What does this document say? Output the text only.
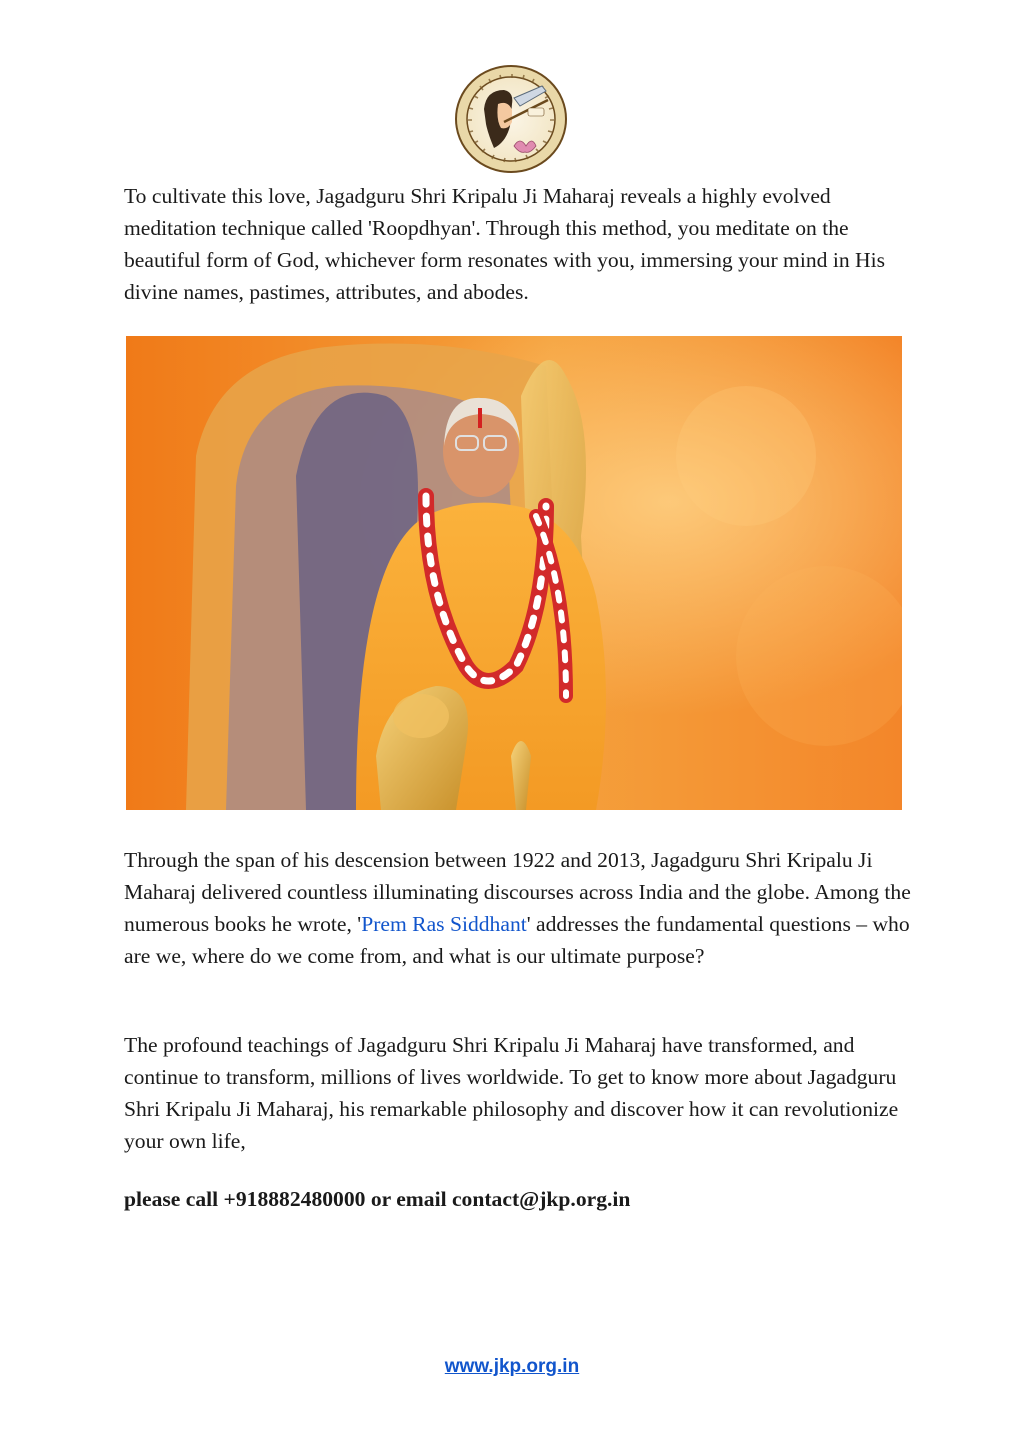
To cultivate this love, Jagadguru Shri Kripalu Ji Maharaj reveals a highly evolved meditation technique called 'Roopdhyan'. Through this method, you meditate on the beautiful form of God, whichever form resonates with you, immersing your mind in His divine names, pastimes, attributes, and abodes.

Through the span of his descension between 1922 and 2013, Jagadguru Shri Kripalu Ji Maharaj delivered countless illuminating discourses across India and the globe. Among the numerous books he wrote, 'Prem Ras Siddhant' addresses the fundamental questions – who are we, where do we come from, and what is our ultimate purpose?

The profound teachings of Jagadguru Shri Kripalu Ji Maharaj have transformed, and continue to transform, millions of lives worldwide. To get to know more about Jagadguru Shri Kripalu Ji Maharaj, his remarkable philosophy and discover how it can revolutionize your own life,

please call +918882480000 or email contact@jkp.org.in

www.jkp.org.in
